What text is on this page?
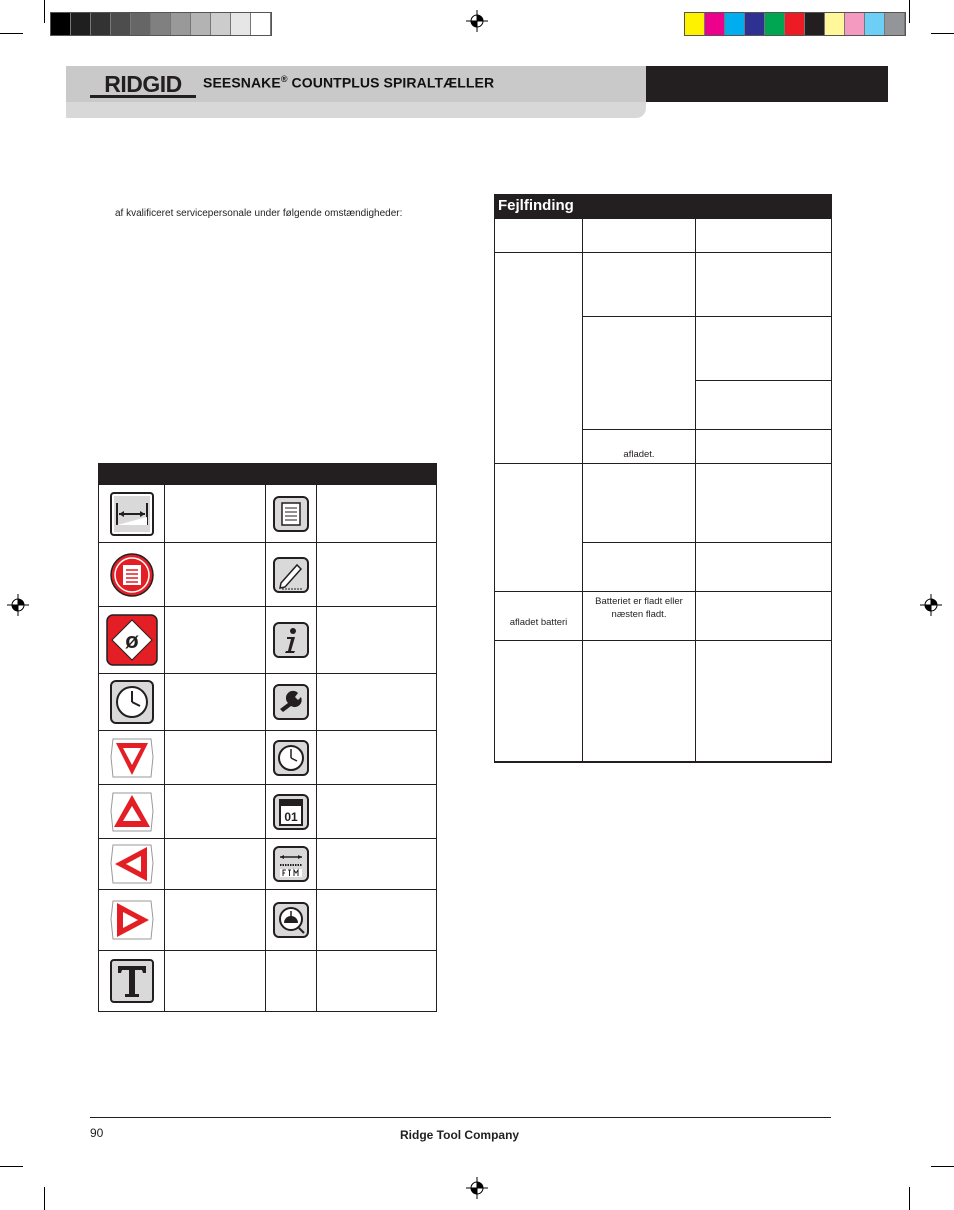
RIDGID SEESNAKE® COUNTPLUS SPIRALTÆLLER
af kvalificeret servicepersonale under følgende omstændigheder:
ø
01
Fejlfinding
afladet.
afladet batteri
Batteriet er fladt eller næsten fladt.
90	Ridge Tool Company
